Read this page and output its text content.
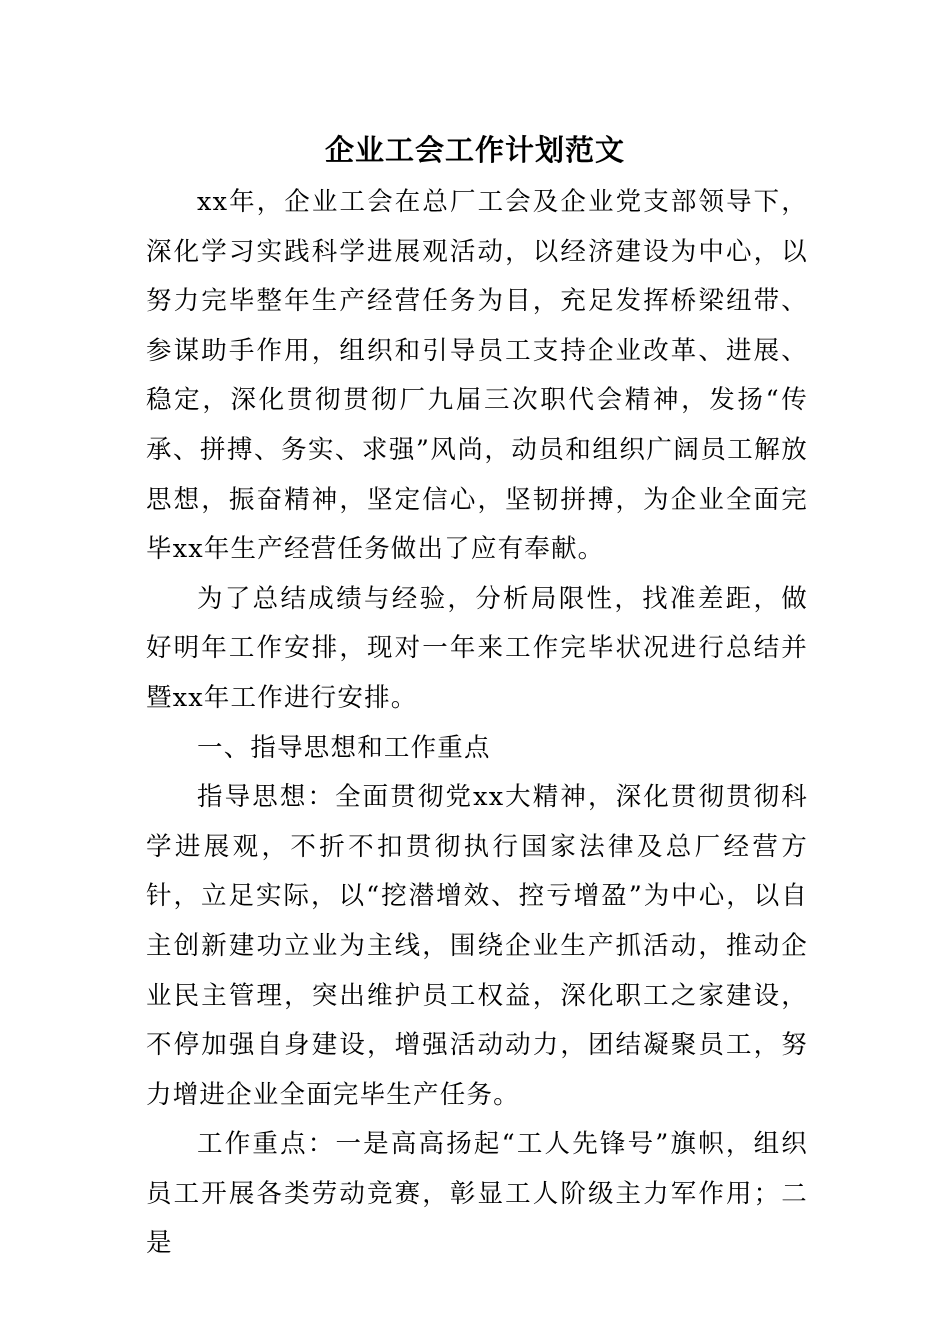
企业工会工作计划范文

xx年，企业工会在总厂工会及企业党支部领导下，深化学习实践科学进展观活动，以经济建设为中心，以努力完毕整年生产经营任务为目，充足发挥桥梁纽带、参谋助手作用，组织和引导员工支持企业改革、进展、稳定，深化贯彻贯彻厂九届三次职代会精神，发扬“传承、拼搏、务实、求强”风尚，动员和组织广阔员工解放思想，振奋精神，坚定信心，坚韧拼搏，为企业全面完毕xx年生产经营任务做出了应有奉献。

为了总结成绩与经验，分析局限性，找准差距，做好明年工作安排，现对一年来工作完毕状况进行总结并暨xx年工作进行安排。

一、指导思想和工作重点

指导思想：全面贯彻党xx大精神，深化贯彻贯彻科学进展观，不折不扣贯彻执行国家法律及总厂经营方针，立足实际，以“挖潜增效、控亏增盈”为中心，以自主创新建功立业为主线，围绕企业生产抓活动，推动企业民主管理，突出维护员工权益，深化职工之家建设，不停加强自身建设，增强活动动力，团结凝聚员工，努力增进企业全面完毕生产任务。

工作重点：一是高高扬起“工人先锋号”旗帜，组织员工开展各类劳动竞赛，彰显工人阶级主力军作用；二是
